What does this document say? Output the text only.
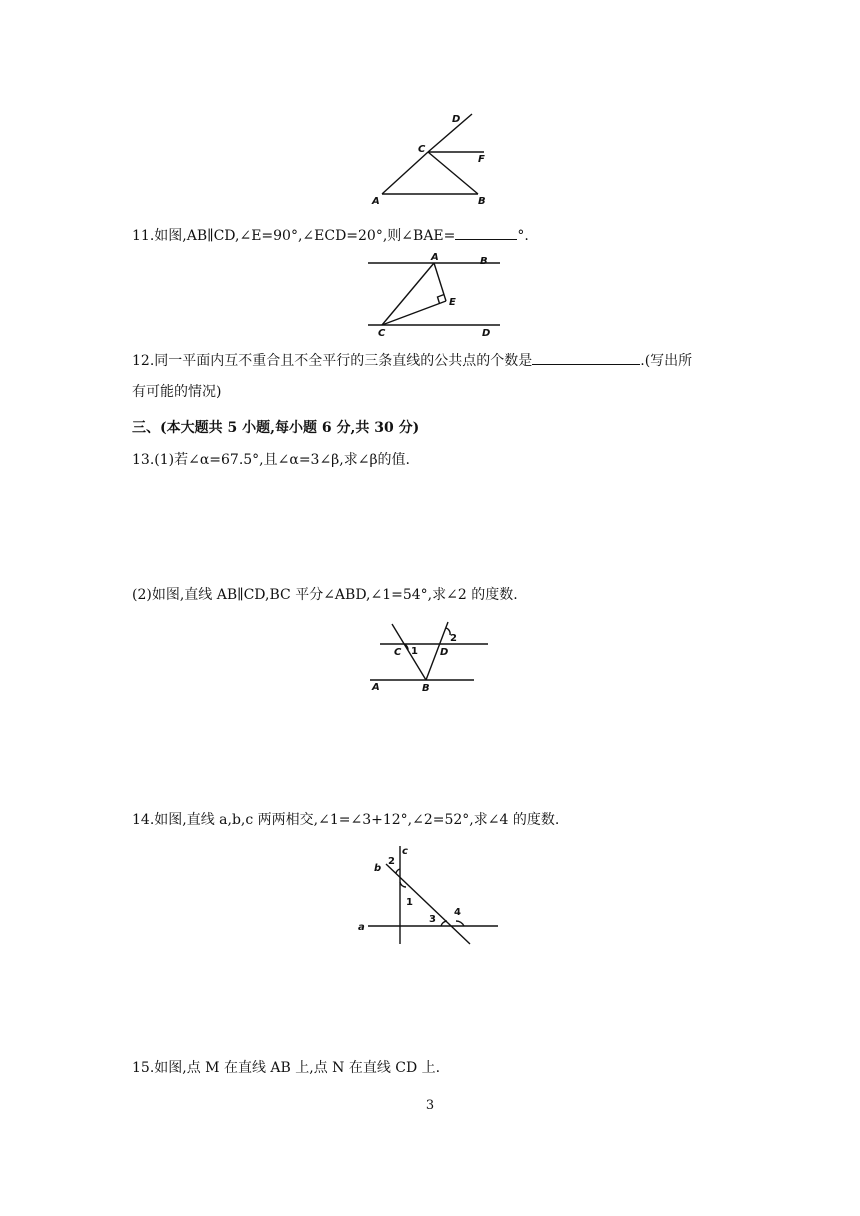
A	B
C
D
F
11.如图,AB∥CD,∠E=90°,∠ECD=20°,则∠BAE=	°.
A	B
C	D
E
12.同一平面内互不重合且不全平行的三条直线的公共点的个数是	.(写出所
有可能的情况)
三、(本大题共 5 小题,每小题 6 分,共 30 分)
13.(1)若∠α=67.5°,且∠α=3∠β,求∠β的值.
(2)如图,直线 AB∥CD,BC 平分∠ABD,∠1=54°,求∠2 的度数.
A	B
C	D
1
2
14.如图,直线 a,b,c 两两相交,∠1=∠3+12°,∠2=52°,求∠4 的度数.
a
b
c
1
2
3
4
15.如图,点 M 在直线 AB 上,点 N 在直线 CD 上.
3
